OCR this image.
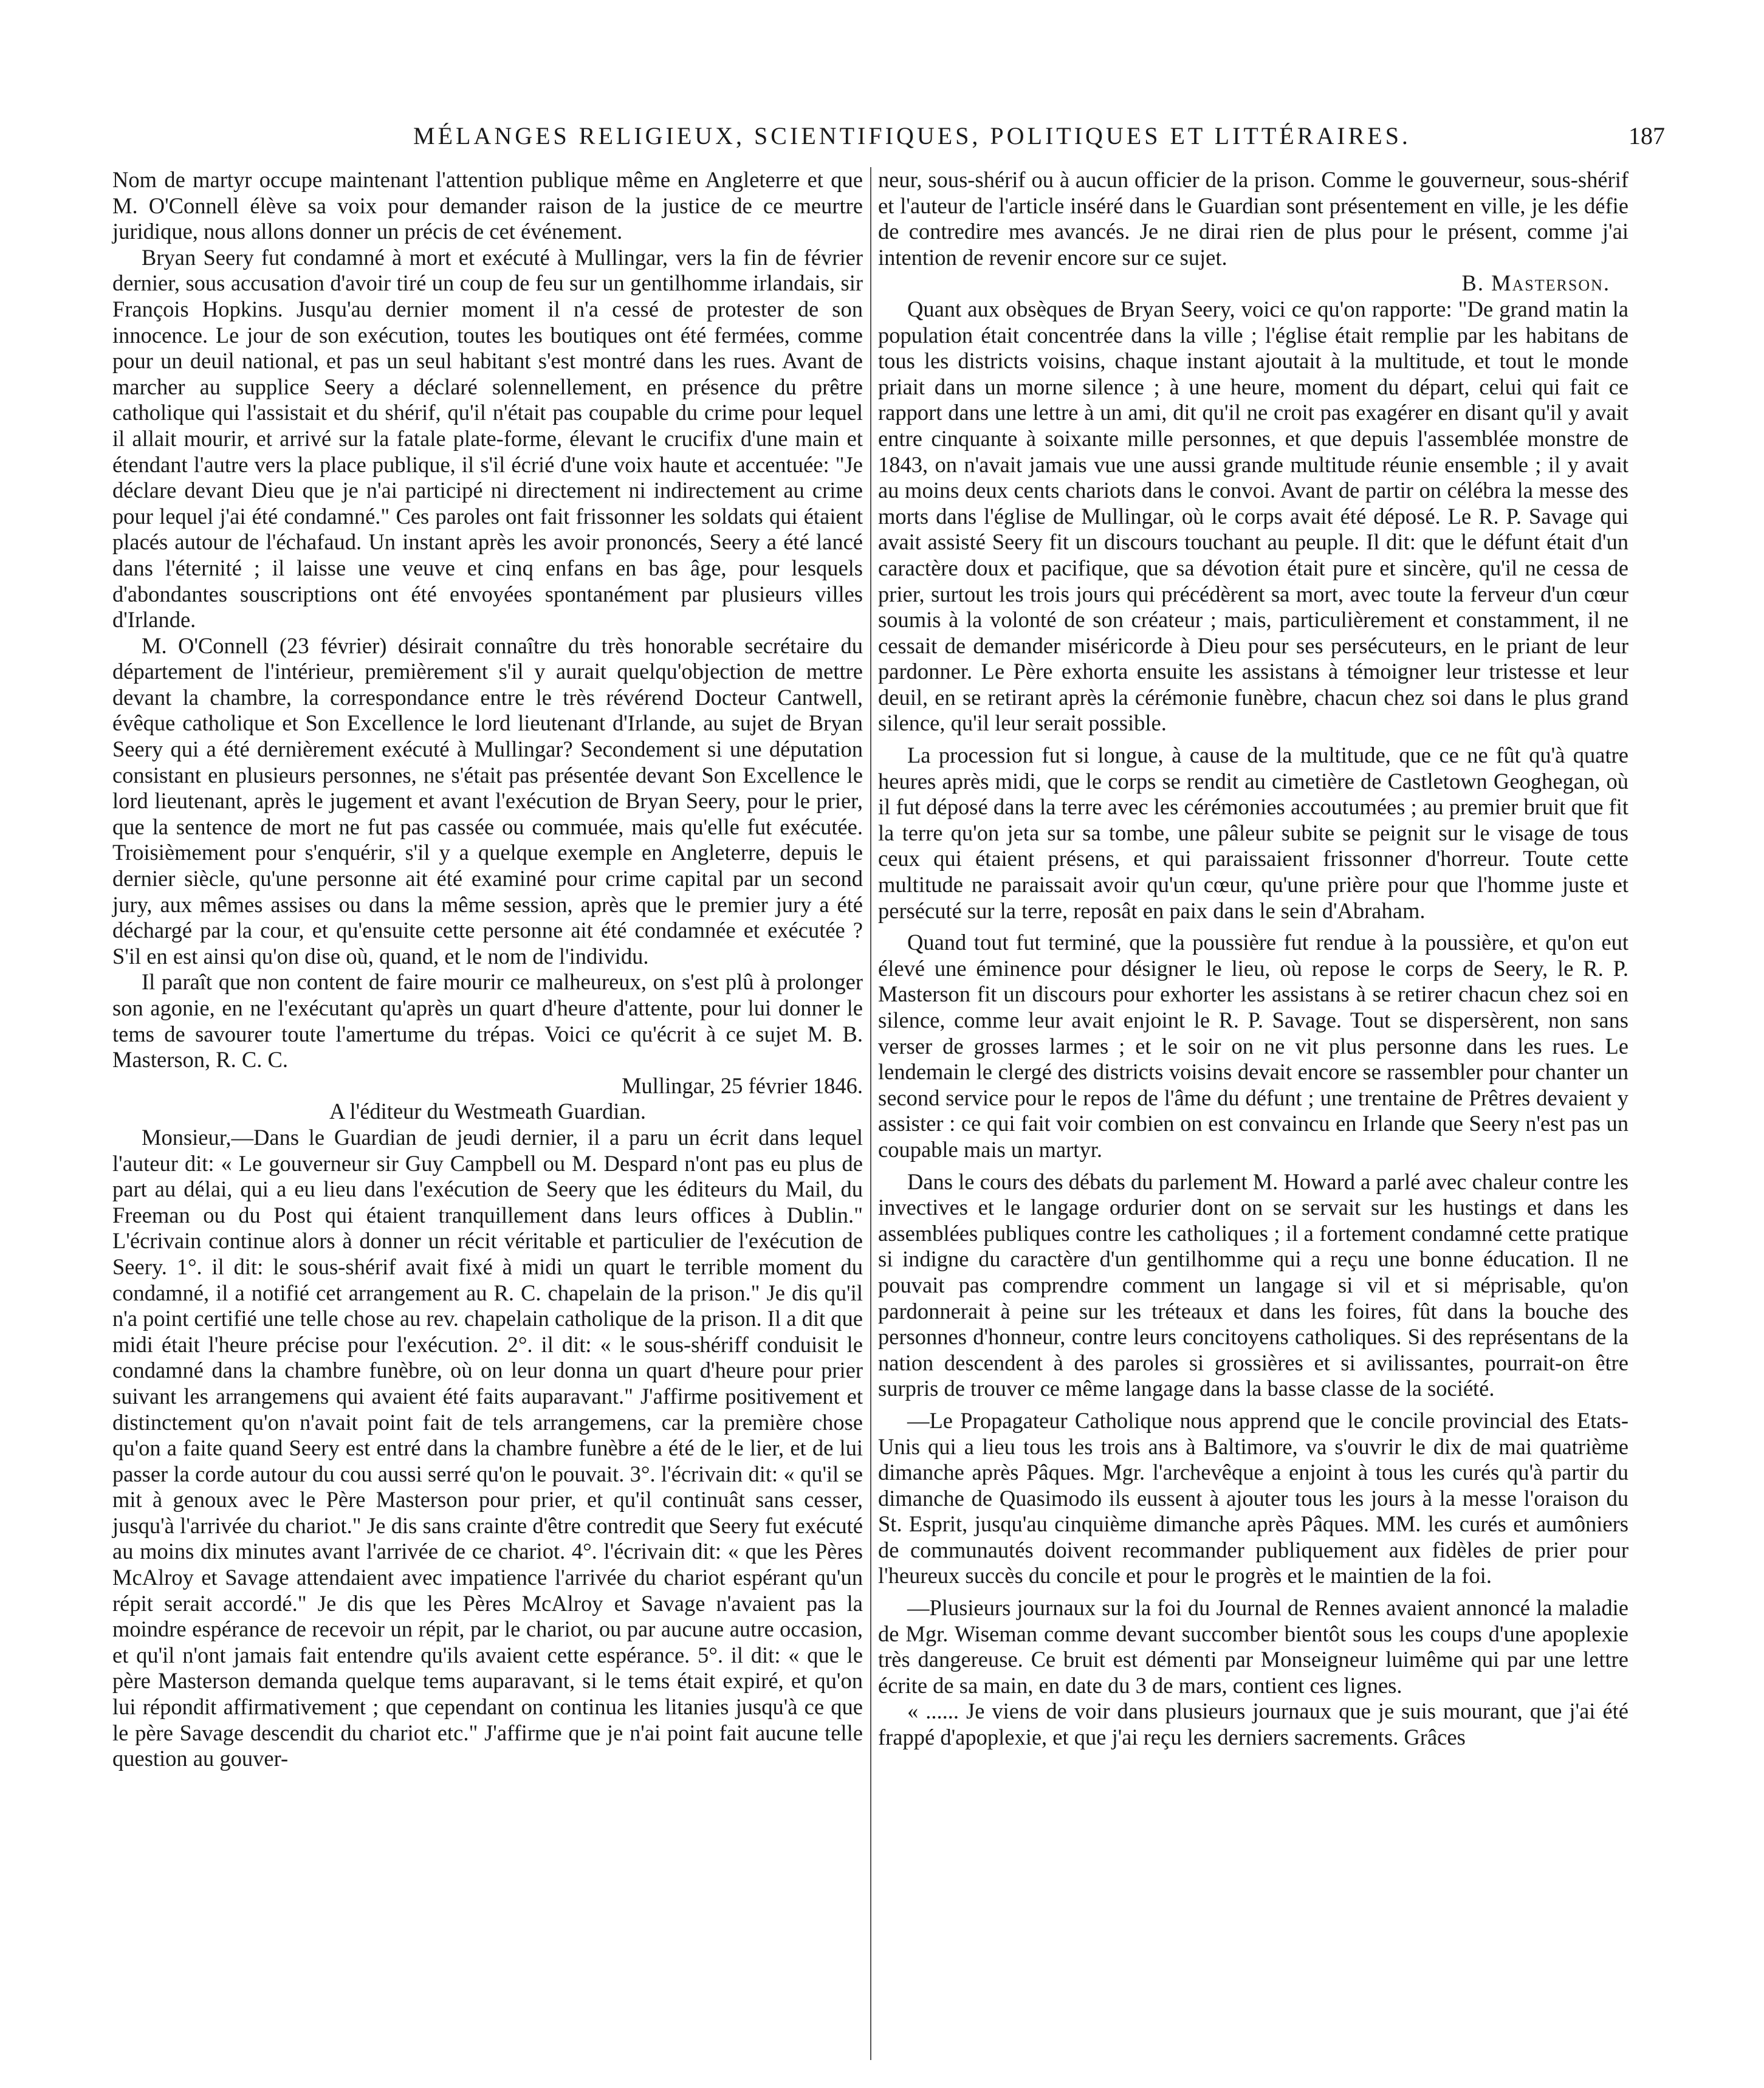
MÉLANGES RELIGIEUX, SCIENTIFIQUES, POLITIQUES ET LITTÉRAIRES.	187

Nom de martyr occupe maintenant l'attention publique même en Angleterre et que M. O'Connell élève sa voix pour demander raison de la justice de ce meurtre juridique, nous allons donner un précis de cet événement.

Bryan Seery fut condamné à mort et exécuté à Mullingar, vers la fin de février dernier, sous accusation d'avoir tiré un coup de feu sur un gentilhomme irlandais, sir François Hopkins. Jusqu'au dernier moment il n'a cessé de protester de son innocence. Le jour de son exécution, toutes les boutiques ont été fermées, comme pour un deuil national, et pas un seul habitant s'est montré dans les rues. Avant de marcher au supplice Seery a déclaré solennellement, en présence du prêtre catholique qui l'assistait et du shérif, qu'il n'était pas coupable du crime pour lequel il allait mourir, et arrivé sur la fatale plate-forme, élevant le crucifix d'une main et étendant l'autre vers la place publique, il s'il écrié d'une voix haute et accentuée: "Je déclare devant Dieu que je n'ai participé ni directement ni indirectement au crime pour lequel j'ai été condamné." Ces paroles ont fait frissonner les soldats qui étaient placés autour de l'échafaud. Un instant après les avoir prononcés, Seery a été lancé dans l'éternité ; il laisse une veuve et cinq enfans en bas âge, pour lesquels d'abondantes souscriptions ont été envoyées spontanément par plusieurs villes d'Irlande.

M. O'Connell (23 février) désirait connaître du très honorable secrétaire du département de l'intérieur, premièrement s'il y aurait quelqu'objection de mettre devant la chambre, la correspondance entre le très révérend Docteur Cantwell, évêque catholique et Son Excellence le lord lieutenant d'Irlande, au sujet de Bryan Seery qui a été dernièrement exécuté à Mullingar? Secondement si une députation consistant en plusieurs personnes, ne s'était pas présentée devant Son Excellence le lord lieutenant, après le jugement et avant l'exécution de Bryan Seery, pour le prier, que la sentence de mort ne fut pas cassée ou commuée, mais qu'elle fut exécutée. Troisièmement pour s'enquérir, s'il y a quelque exemple en Angleterre, depuis le dernier siècle, qu'une personne ait été examiné pour crime capital par un second jury, aux mêmes assises ou dans la même session, après que le premier jury a été déchargé par la cour, et qu'ensuite cette personne ait été condamnée et exécutée ? S'il en est ainsi qu'on dise où, quand, et le nom de l'individu.

Il paraît que non content de faire mourir ce malheureux, on s'est plû à prolonger son agonie, en ne l'exécutant qu'après un quart d'heure d'attente, pour lui donner le tems de savourer toute l'amertume du trépas. Voici ce qu'écrit à ce sujet M. B. Masterson, R. C. C.

Mullingar, 25 février 1846.

A l'éditeur du Westmeath Guardian.

Monsieur,—Dans le Guardian de jeudi dernier, il a paru un écrit dans lequel l'auteur dit: « Le gouverneur sir Guy Campbell ou M. Despard n'ont pas eu plus de part au délai, qui a eu lieu dans l'exécution de Seery que les éditeurs du Mail, du Freeman ou du Post qui étaient tranquillement dans leurs offices à Dublin." L'écrivain continue alors à donner un récit véritable et particulier de l'exécution de Seery. 1°. il dit: le sous-shérif avait fixé à midi un quart le terrible moment du condamné, il a notifié cet arrangement au R. C. chapelain de la prison." Je dis qu'il n'a point certifié une telle chose au rev. chapelain catholique de la prison. Il a dit que midi était l'heure précise pour l'exécution. 2°. il dit: « le sous-shériff conduisit le condamné dans la chambre funèbre, où on leur donna un quart d'heure pour prier suivant les arrangemens qui avaient été faits auparavant." J'affirme positivement et distinctement qu'on n'avait point fait de tels arrangemens, car la première chose qu'on a faite quand Seery est entré dans la chambre funèbre a été de le lier, et de lui passer la corde autour du cou aussi serré qu'on le pouvait. 3°. l'écrivain dit: « qu'il se mit à genoux avec le Père Masterson pour prier, et qu'il continuât sans cesser, jusqu'à l'arrivée du chariot." Je dis sans crainte d'être contredit que Seery fut exécuté au moins dix minutes avant l'arrivée de ce chariot. 4°. l'écrivain dit: « que les Pères McAlroy et Savage attendaient avec impatience l'arrivée du chariot espérant qu'un répit serait accordé." Je dis que les Pères McAlroy et Savage n'avaient pas la moindre espérance de recevoir un répit, par le chariot, ou par aucune autre occasion, et qu'il n'ont jamais fait entendre qu'ils avaient cette espérance. 5°. il dit: « que le père Masterson demanda quelque tems auparavant, si le tems était expiré, et qu'on lui répondit affirmativement ; que cependant on continua les litanies jusqu'à ce que le père Savage descendit du chariot etc." J'affirme que je n'ai point fait aucune telle question au gouver-

neur, sous-shérif ou à aucun officier de la prison. Comme le gouverneur, sous-shérif et l'auteur de l'article inséré dans le Guardian sont présentement en ville, je les défie de contredire mes avancés. Je ne dirai rien de plus pour le présent, comme j'ai intention de revenir encore sur ce sujet.

B. Masterson.

Quant aux obsèques de Bryan Seery, voici ce qu'on rapporte: "De grand matin la population était concentrée dans la ville ; l'église était remplie par les habitans de tous les districts voisins, chaque instant ajoutait à la multitude, et tout le monde priait dans un morne silence ; à une heure, moment du départ, celui qui fait ce rapport dans une lettre à un ami, dit qu'il ne croit pas exagérer en disant qu'il y avait entre cinquante à soixante mille personnes, et que depuis l'assemblée monstre de 1843, on n'avait jamais vue une aussi grande multitude réunie ensemble ; il y avait au moins deux cents chariots dans le convoi. Avant de partir on célébra la messe des morts dans l'église de Mullingar, où le corps avait été déposé. Le R. P. Savage qui avait assisté Seery fit un discours touchant au peuple. Il dit: que le défunt était d'un caractère doux et pacifique, que sa dévotion était pure et sincère, qu'il ne cessa de prier, surtout les trois jours qui précédèrent sa mort, avec toute la ferveur d'un cœur soumis à la volonté de son créateur ; mais, particulièrement et constamment, il ne cessait de demander miséricorde à Dieu pour ses persécuteurs, en le priant de leur pardonner. Le Père exhorta ensuite les assistans à témoigner leur tristesse et leur deuil, en se retirant après la cérémonie funèbre, chacun chez soi dans le plus grand silence, qu'il leur serait possible.

La procession fut si longue, à cause de la multitude, que ce ne fût qu'à quatre heures après midi, que le corps se rendit au cimetière de Castletown Geoghegan, où il fut déposé dans la terre avec les cérémonies accoutumées ; au premier bruit que fit la terre qu'on jeta sur sa tombe, une pâleur subite se peignit sur le visage de tous ceux qui étaient présens, et qui paraissaient frissonner d'horreur. Toute cette multitude ne paraissait avoir qu'un cœur, qu'une prière pour que l'homme juste et persécuté sur la terre, reposât en paix dans le sein d'Abraham.

Quand tout fut terminé, que la poussière fut rendue à la poussière, et qu'on eut élevé une éminence pour désigner le lieu, où repose le corps de Seery, le R. P. Masterson fit un discours pour exhorter les assistans à se retirer chacun chez soi en silence, comme leur avait enjoint le R. P. Savage. Tout se dispersèrent, non sans verser de grosses larmes ; et le soir on ne vit plus personne dans les rues. Le lendemain le clergé des districts voisins devait encore se rassembler pour chanter un second service pour le repos de l'âme du défunt ; une trentaine de Prêtres devaient y assister : ce qui fait voir combien on est convaincu en Irlande que Seery n'est pas un coupable mais un martyr.

Dans le cours des débats du parlement M. Howard a parlé avec chaleur contre les invectives et le langage ordurier dont on se servait sur les hustings et dans les assemblées publiques contre les catholiques ; il a fortement condamné cette pratique si indigne du caractère d'un gentilhomme qui a reçu une bonne éducation. Il ne pouvait pas comprendre comment un langage si vil et si méprisable, qu'on pardonnerait à peine sur les tréteaux et dans les foires, fût dans la bouche des personnes d'honneur, contre leurs concitoyens catholiques. Si des représentans de la nation descendent à des paroles si grossières et si avilissantes, pourrait-on être surpris de trouver ce même langage dans la basse classe de la société.

—Le Propagateur Catholique nous apprend que le concile provincial des Etats-Unis qui a lieu tous les trois ans à Baltimore, va s'ouvrir le dix de mai quatrième dimanche après Pâques. Mgr. l'archevêque a enjoint à tous les curés qu'à partir du dimanche de Quasimodo ils eussent à ajouter tous les jours à la messe l'oraison du St. Esprit, jusqu'au cinquième dimanche après Pâques. MM. les curés et aumôniers de communautés doivent recommander publiquement aux fidèles de prier pour l'heureux succès du concile et pour le progrès et le maintien de la foi.

—Plusieurs journaux sur la foi du Journal de Rennes avaient annoncé la maladie de Mgr. Wiseman comme devant succomber bientôt sous les coups d'une apoplexie très dangereuse. Ce bruit est démenti par Monseigneur luimême qui par une lettre écrite de sa main, en date du 3 de mars, contient ces lignes.

« ...... Je viens de voir dans plusieurs journaux que je suis mourant, que j'ai été frappé d'apoplexie, et que j'ai reçu les derniers sacrements. Grâces
